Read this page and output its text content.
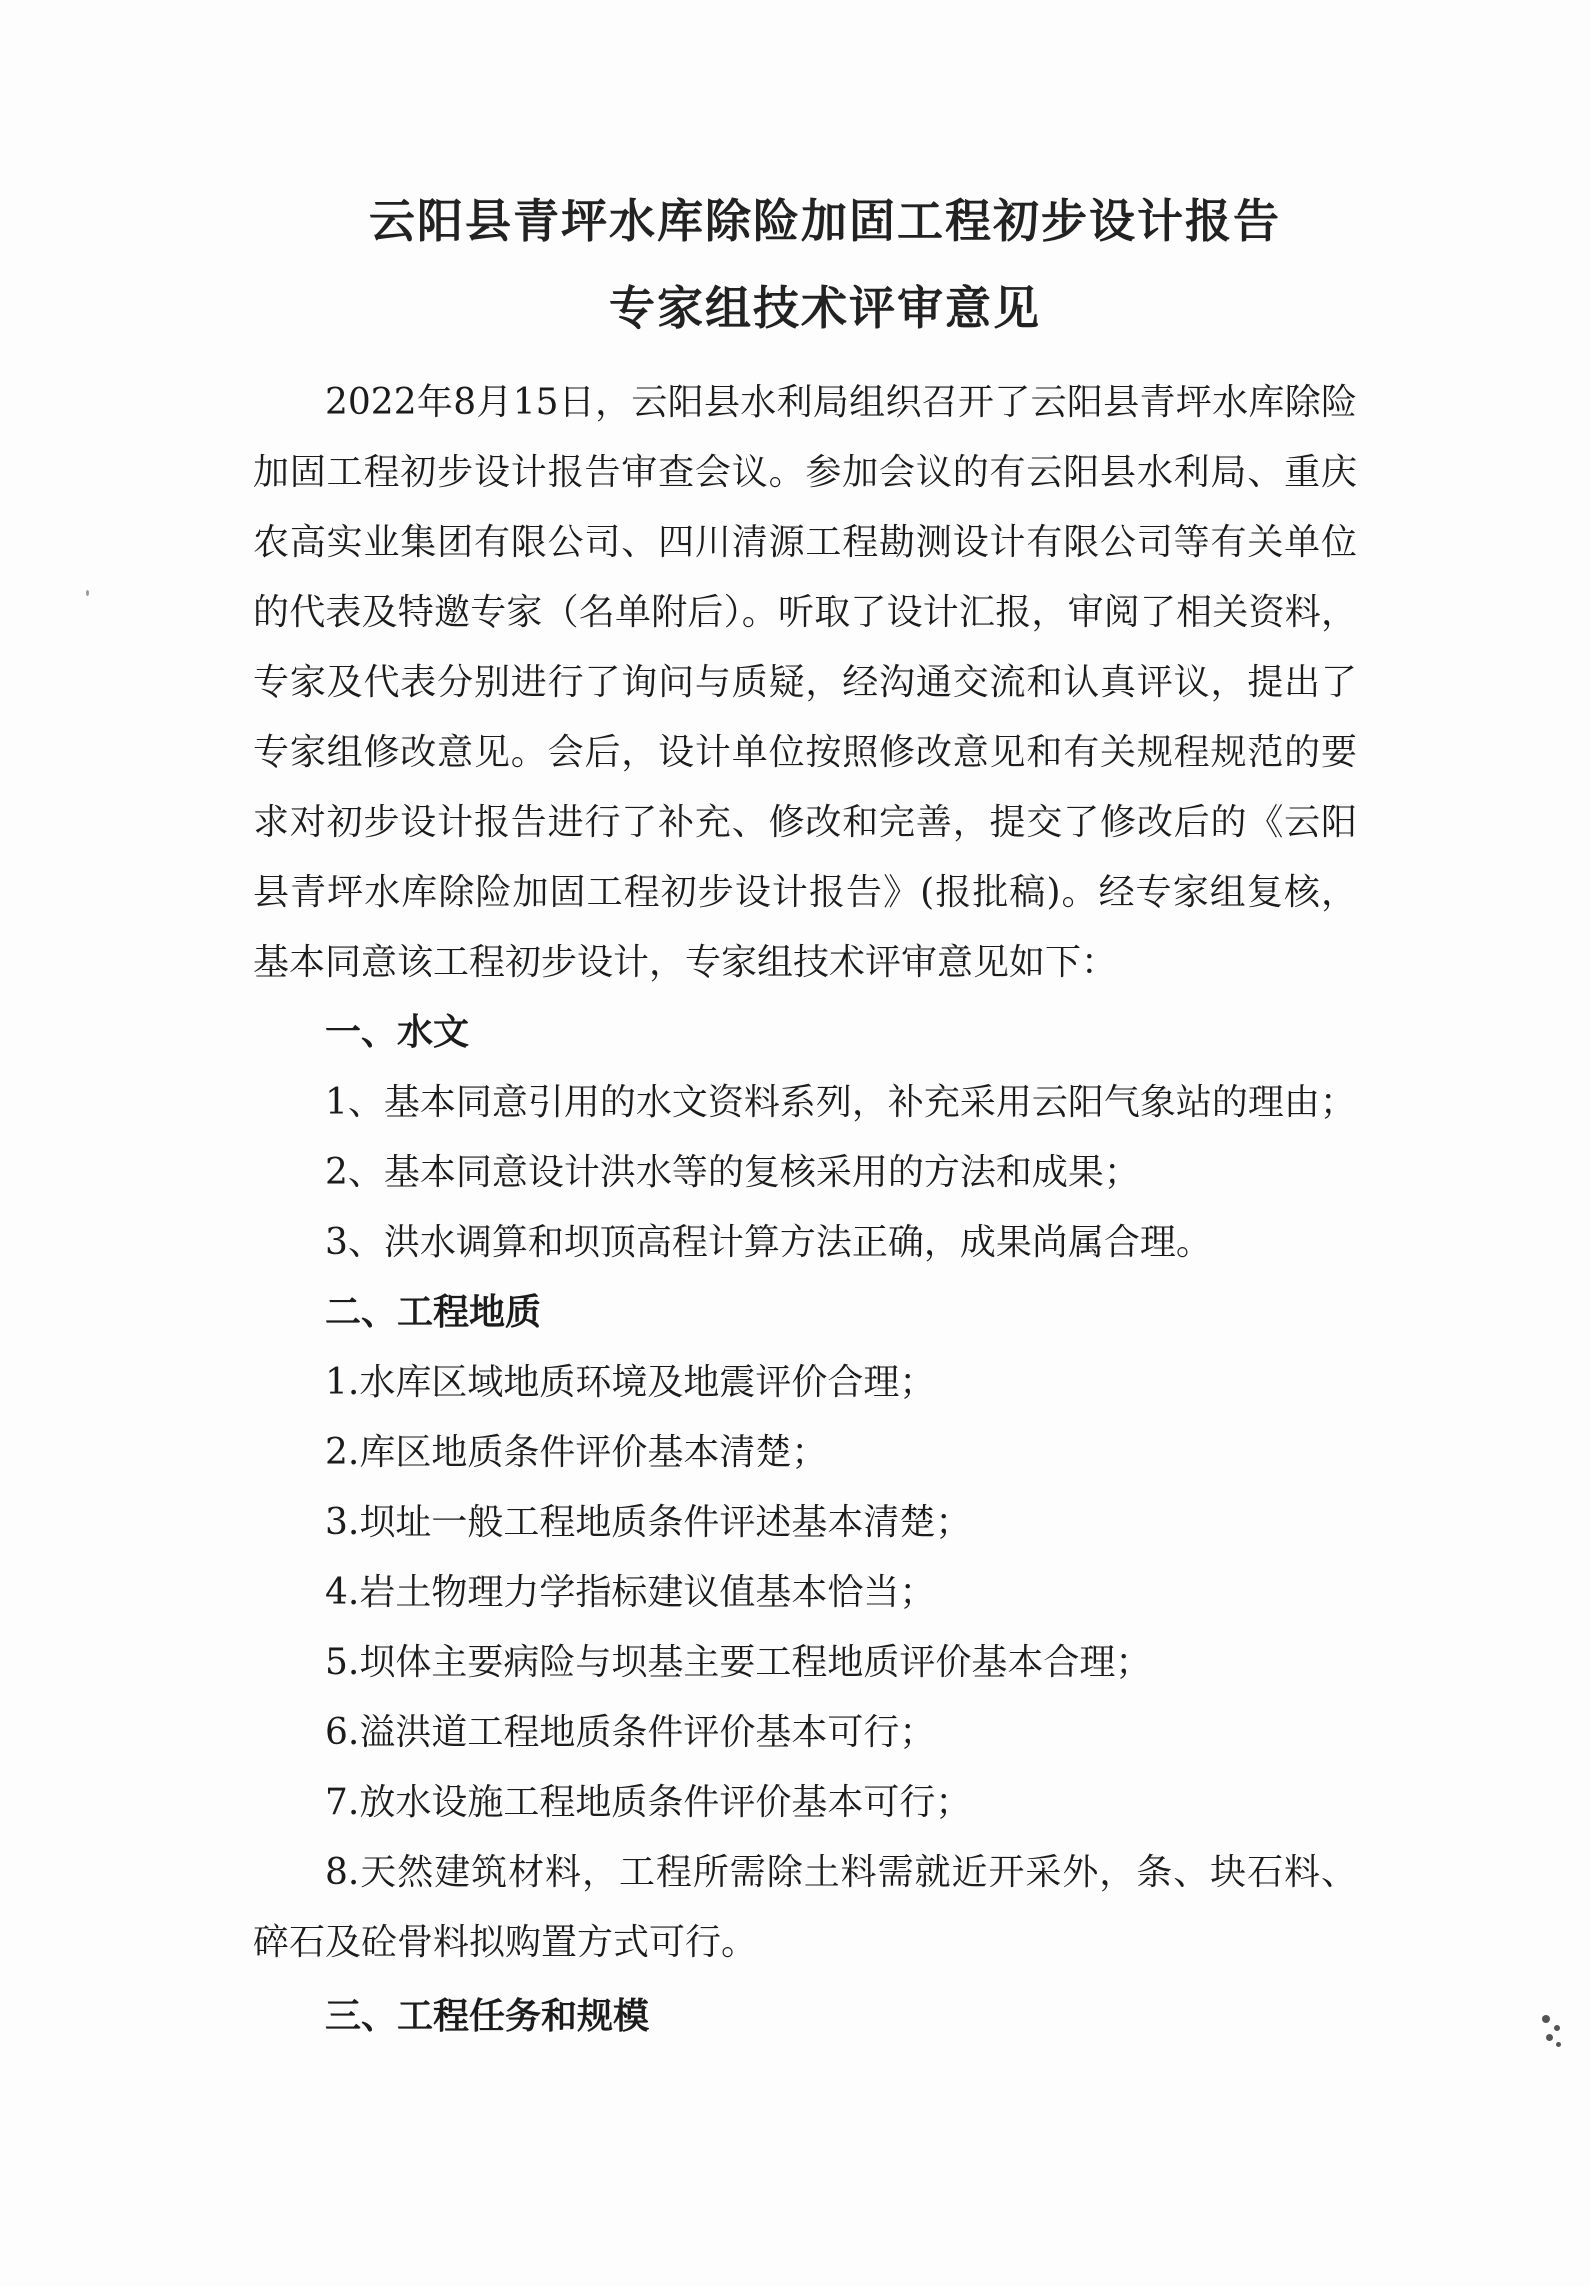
云阳县青坪水库除险加固工程初步设计报告
专家组技术评审意见

2022年8月15日，云阳县水利局组织召开了云阳县青坪水库除险加固工程初步设计报告审查会议。参加会议的有云阳县水利局、重庆农高实业集团有限公司、四川清源工程勘测设计有限公司等有关单位的代表及特邀专家（名单附后）。听取了设计汇报，审阅了相关资料，专家及代表分别进行了询问与质疑，经沟通交流和认真评议，提出了专家组修改意见。会后，设计单位按照修改意见和有关规程规范的要求对初步设计报告进行了补充、修改和完善，提交了修改后的《云阳县青坪水库除险加固工程初步设计报告》(报批稿)。经专家组复核，基本同意该工程初步设计，专家组技术评审意见如下：

一、水文

1、基本同意引用的水文资料系列，补充采用云阳气象站的理由；

2、基本同意设计洪水等的复核采用的方法和成果；

3、洪水调算和坝顶高程计算方法正确，成果尚属合理。

二、工程地质

1.水库区域地质环境及地震评价合理；

2.库区地质条件评价基本清楚；

3.坝址一般工程地质条件评述基本清楚；

4.岩土物理力学指标建议值基本恰当；

5.坝体主要病险与坝基主要工程地质评价基本合理；

6.溢洪道工程地质条件评价基本可行；

7.放水设施工程地质条件评价基本可行；

8.天然建筑材料，工程所需除土料需就近开采外，条、块石料、碎石及砼骨料拟购置方式可行。

三、工程任务和规模
